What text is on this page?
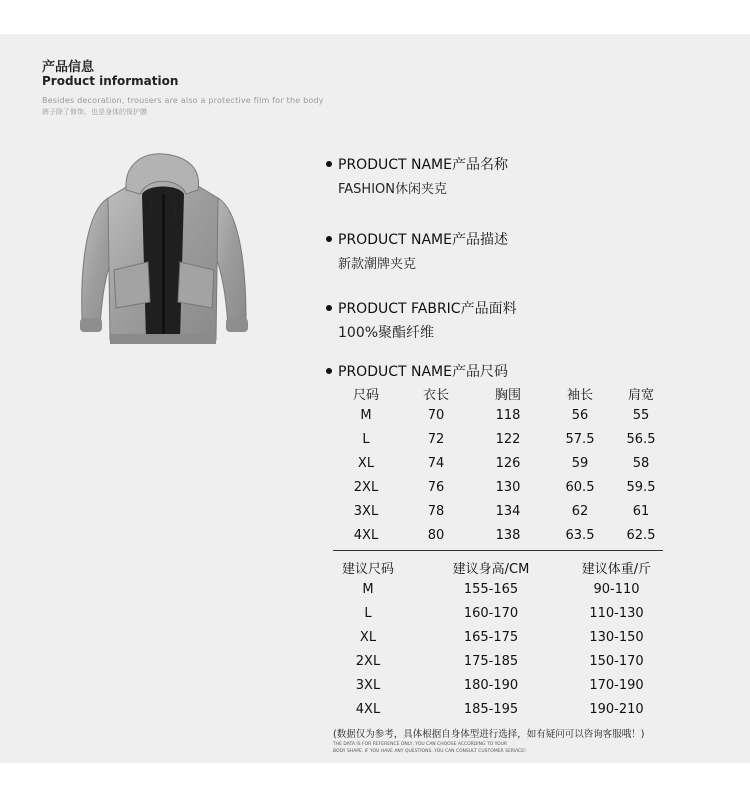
产品信息
Product information
Besides decoration, trousers are also a protective film for the body
裤子除了修饰，也是身体的保护膜
PRODUCT NAME产品名称
FASHION休闲夹克
PRODUCT NAME产品描述
新款潮牌夹克
PRODUCT FABRIC产品面料
100%聚酯纤维
PRODUCT NAME产品尺码
尺码	衣长	胸围	袖长	肩宽
M	70	118	56	55
L	72	122	57.5	56.5
XL	74	126	59	58
2XL	76	130	60.5	59.5
3XL	78	134	62	61
4XL	80	138	63.5	62.5
建议尺码	建议身高/CM	建议体重/斤
M	155-165	90-110
L	160-170	110-130
XL	165-175	130-150
2XL	175-185	150-170
3XL	180-190	170-190
4XL	185-195	190-210
(数据仅为参考，具体根据自身体型进行选择，如有疑问可以咨询客服哦！)
THE DATA IS FOR REFERENCE ONLY, YOU CAN CHOOSE ACCORDING TO YOUR
BODY SHAPE. IF YOU HAVE ANY QUESTIONS, YOU CAN CONSULT CUSTOMER SERVICE!
